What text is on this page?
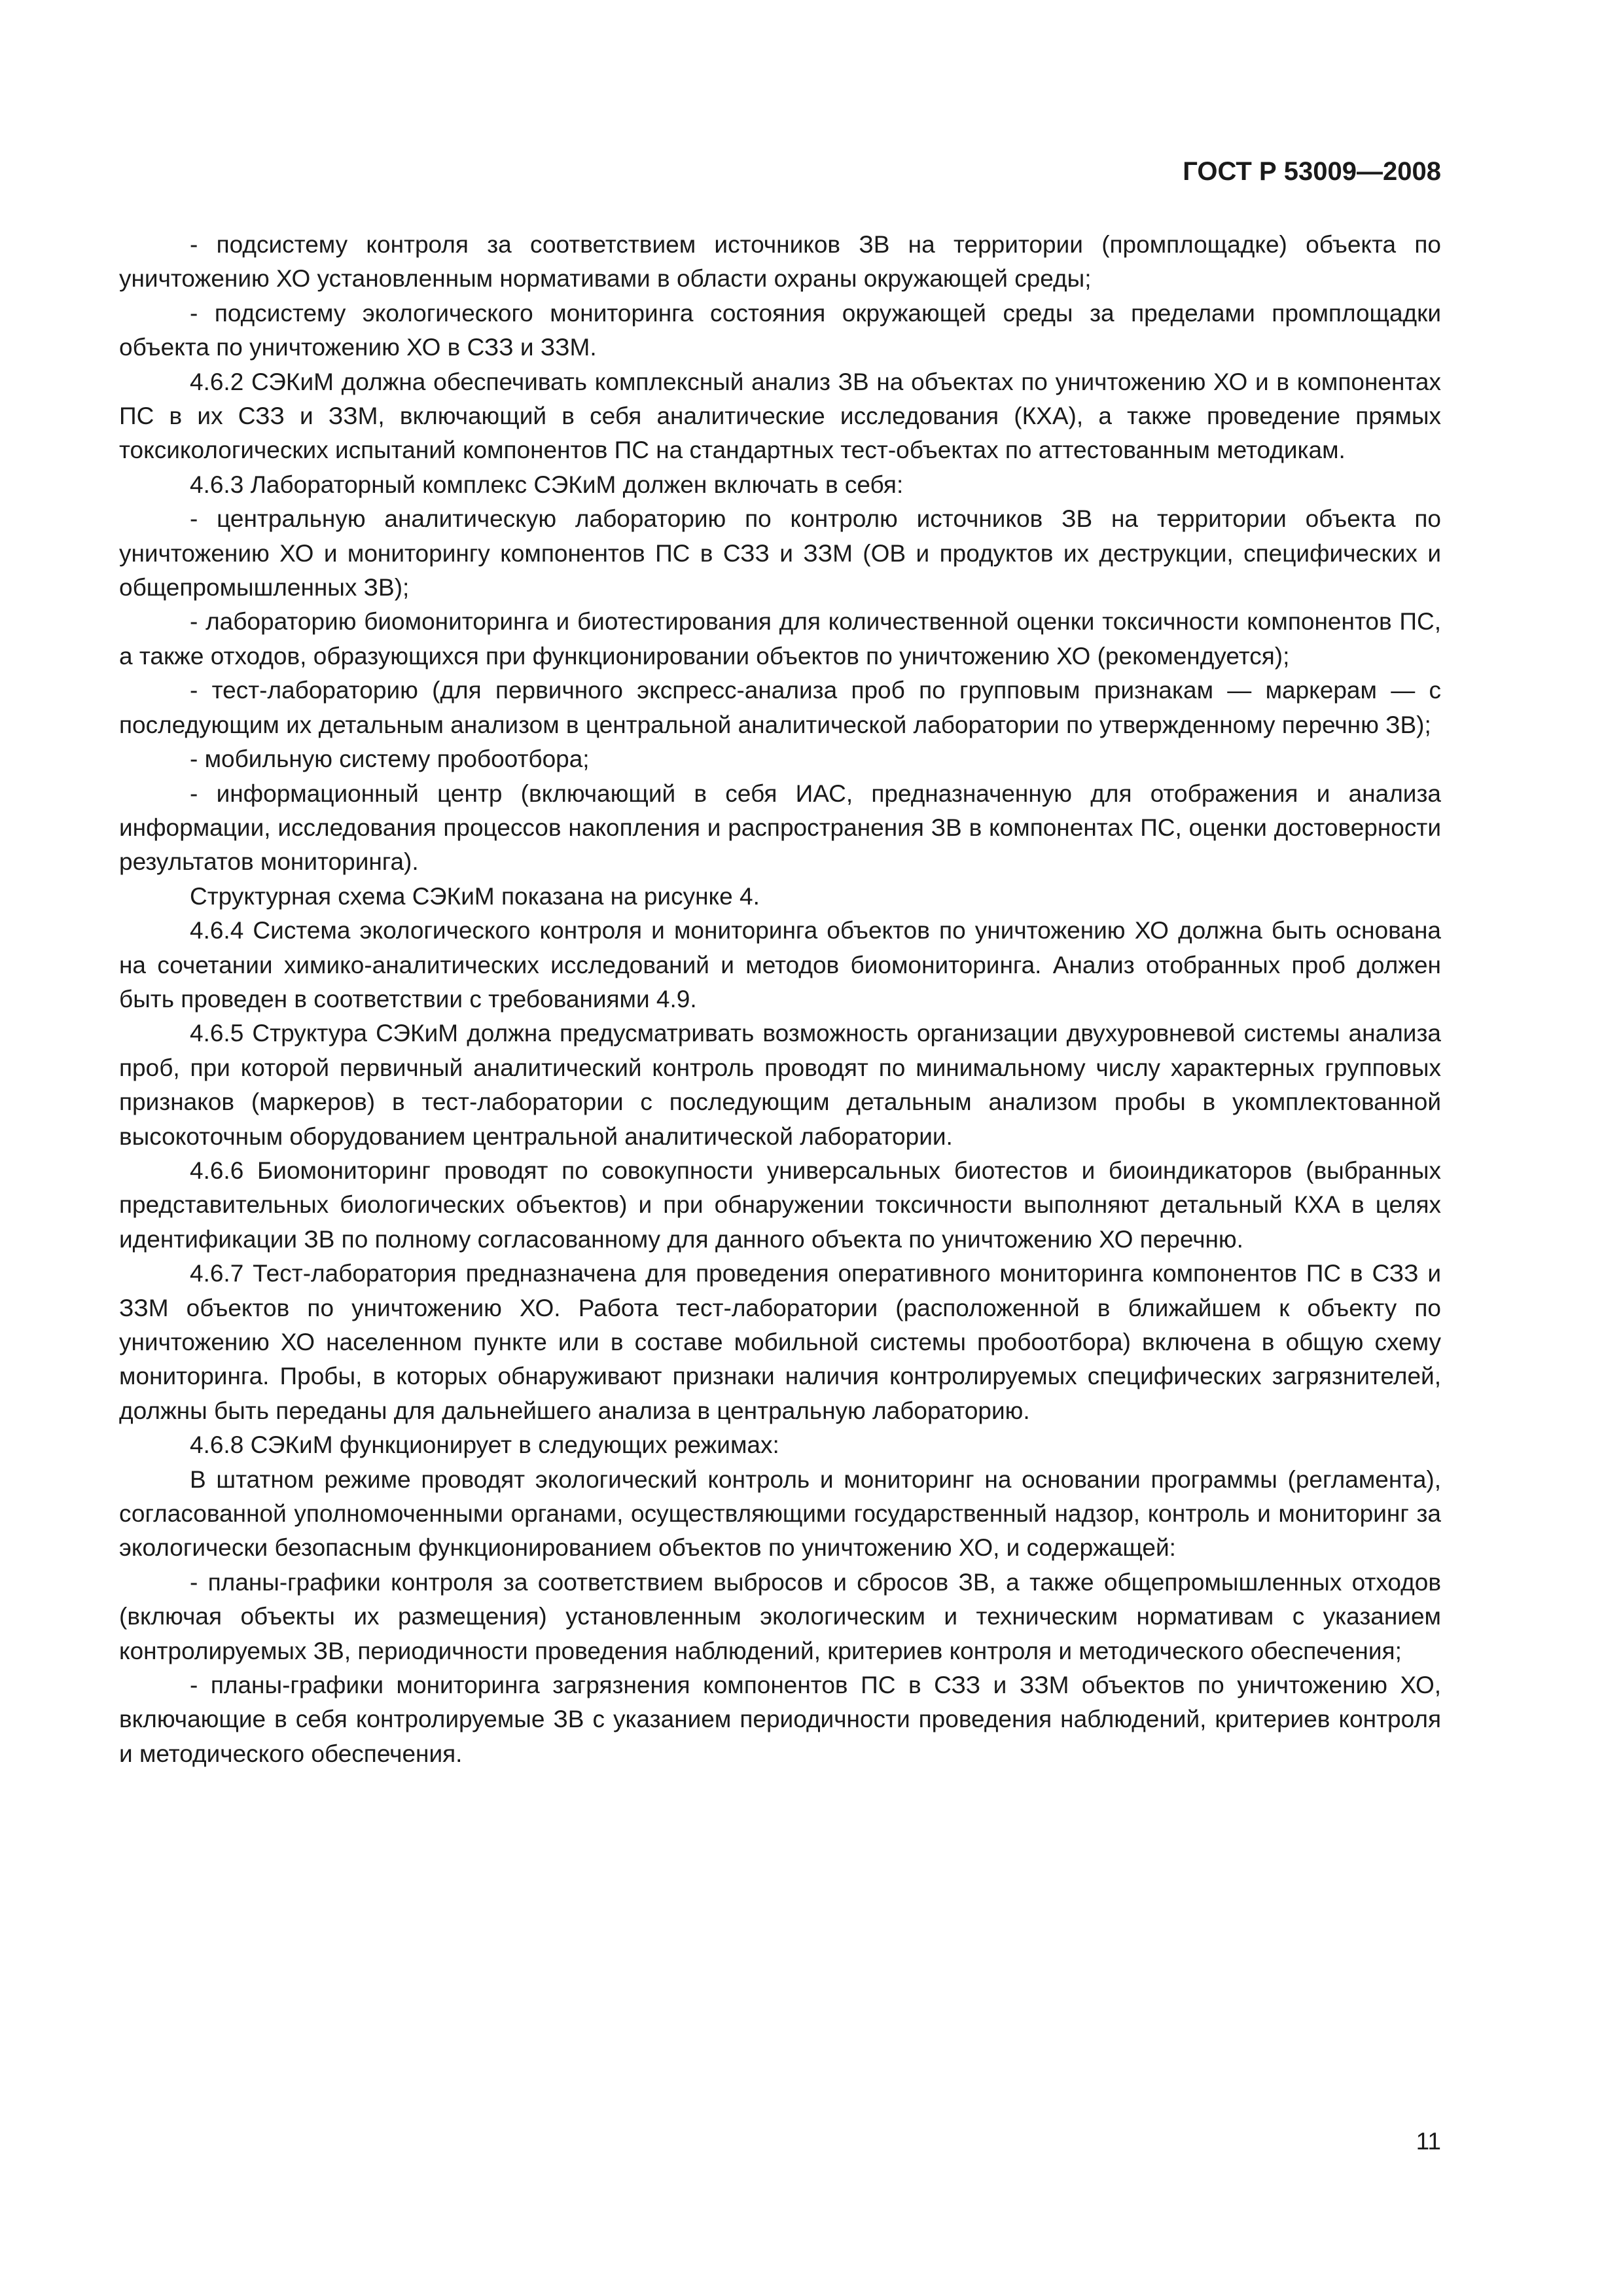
ГОСТ Р 53009—2008

- подсистему контроля за соответствием источников ЗВ на территории (промплощадке) объекта по уничтожению ХО установленным нормативами в области охраны окружающей среды;

- подсистему экологического мониторинга состояния окружающей среды за пределами промплощадки объекта по уничтожению ХО в СЗЗ и ЗЗМ.

4.6.2 СЭКиМ должна обеспечивать комплексный анализ ЗВ на объектах по уничтожению ХО и в компонентах ПС в их СЗЗ и ЗЗМ, включающий в себя аналитические исследования (КХА), а также проведение прямых токсикологических испытаний компонентов ПС на стандартных тест-объектах по аттестованным методикам.

4.6.3 Лабораторный комплекс СЭКиМ должен включать в себя:

- центральную аналитическую лабораторию по контролю источников ЗВ на территории объекта по уничтожению ХО и мониторингу компонентов ПС в СЗЗ и ЗЗМ (ОВ и продуктов их деструкции, специфических и общепромышленных ЗВ);

- лабораторию биомониторинга и биотестирования для количественной оценки токсичности компонентов ПС, а также отходов, образующихся при функционировании объектов по уничтожению ХО (рекомендуется);

- тест-лабораторию (для первичного экспресс-анализа проб по групповым признакам — маркерам — с последующим их детальным анализом в центральной аналитической лаборатории по утвержденному перечню ЗВ);

- мобильную систему пробоотбора;

- информационный центр (включающий в себя ИАС, предназначенную для отображения и анализа информации, исследования процессов накопления и распространения ЗВ в компонентах ПС, оценки достоверности результатов мониторинга).

Структурная схема СЭКиМ показана на рисунке 4.

4.6.4 Система экологического контроля и мониторинга объектов по уничтожению ХО должна быть основана на сочетании химико-аналитических исследований и методов биомониторинга. Анализ отобранных проб должен быть проведен в соответствии с требованиями 4.9.

4.6.5 Структура СЭКиМ должна предусматривать возможность организации двухуровневой системы анализа проб, при которой первичный аналитический контроль проводят по минимальному числу характерных групповых признаков (маркеров) в тест-лаборатории с последующим детальным анализом пробы в укомплектованной высокоточным оборудованием центральной аналитической лаборатории.

4.6.6 Биомониторинг проводят по совокупности универсальных биотестов и биоиндикаторов (выбранных представительных биологических объектов) и при обнаружении токсичности выполняют детальный КХА в целях идентификации ЗВ по полному согласованному для данного объекта по уничтожению ХО перечню.

4.6.7 Тест-лаборатория предназначена для проведения оперативного мониторинга компонентов ПС в СЗЗ и ЗЗМ объектов по уничтожению ХО. Работа тест-лаборатории (расположенной в ближайшем к объекту по уничтожению ХО населенном пункте или в составе мобильной системы пробоотбора) включена в общую схему мониторинга. Пробы, в которых обнаруживают признаки наличия контролируемых специфических загрязнителей, должны быть переданы для дальнейшего анализа в центральную лабораторию.

4.6.8 СЭКиМ функционирует в следующих режимах:

В штатном режиме проводят экологический контроль и мониторинг на основании программы (регламента), согласованной уполномоченными органами, осуществляющими государственный надзор, контроль и мониторинг за экологически безопасным функционированием объектов по уничтожению ХО, и содержащей:

- планы-графики контроля за соответствием выбросов и сбросов ЗВ, а также общепромышленных отходов (включая объекты их размещения) установленным экологическим и техническим нормативам с указанием контролируемых ЗВ, периодичности проведения наблюдений, критериев контроля и методического обеспечения;

- планы-графики мониторинга загрязнения компонентов ПС в СЗЗ и ЗЗМ объектов по уничтожению ХО, включающие в себя контролируемые ЗВ с указанием периодичности проведения наблюдений, критериев контроля и методического обеспечения.

11
